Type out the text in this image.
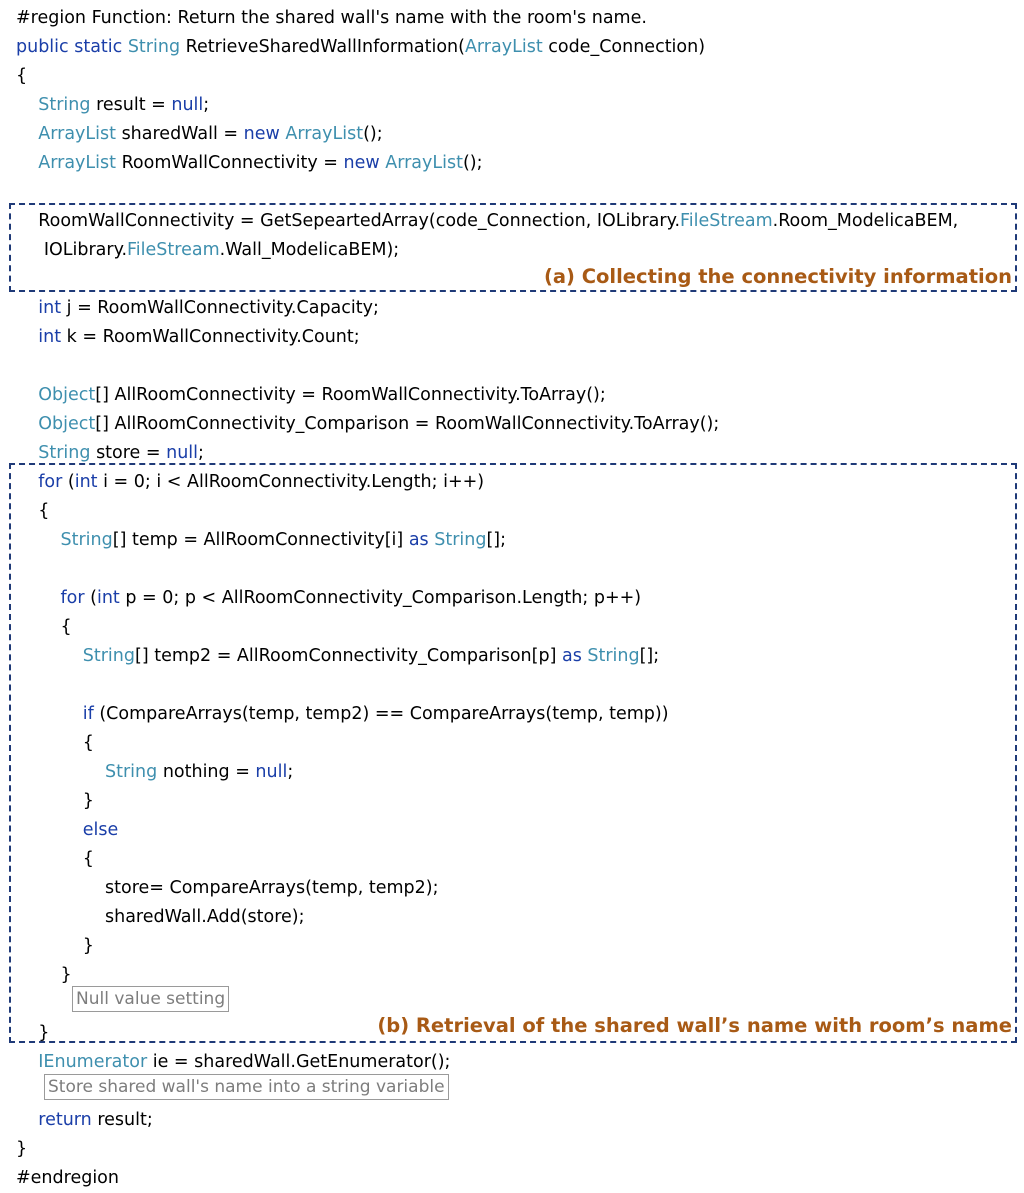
#region Function: Return the shared wall's name with the room's name.
public static String RetrieveSharedWallInformation(ArrayList code_Connection)
{
String result = null;
ArrayList sharedWall = new ArrayList();
ArrayList RoomWallConnectivity = new ArrayList();
RoomWallConnectivity = GetSepeartedArray(code_Connection, IOLibrary.FileStream.Room_ModelicaBEM,
IOLibrary.FileStream.Wall_ModelicaBEM);
int j = RoomWallConnectivity.Capacity;
int k = RoomWallConnectivity.Count;
Object[] AllRoomConnectivity = RoomWallConnectivity.ToArray();
Object[] AllRoomConnectivity_Comparison = RoomWallConnectivity.ToArray();
String store = null;
for (int i = 0; i < AllRoomConnectivity.Length; i++)
{
String[] temp = AllRoomConnectivity[i] as String[];
for (int p = 0; p < AllRoomConnectivity_Comparison.Length; p++)
{
String[] temp2 = AllRoomConnectivity_Comparison[p] as String[];
if (CompareArrays(temp, temp2) == CompareArrays(temp, temp))
{
String nothing = null;
}
else
{
store= CompareArrays(temp, temp2);
sharedWall.Add(store);
}
}
}
IEnumerator ie = sharedWall.GetEnumerator();
return result;
}
#endregion
(a) Collecting the connectivity information
(b) Retrieval of the shared wall’s name with room’s name
Null value setting
Store shared wall's name into a string variable
